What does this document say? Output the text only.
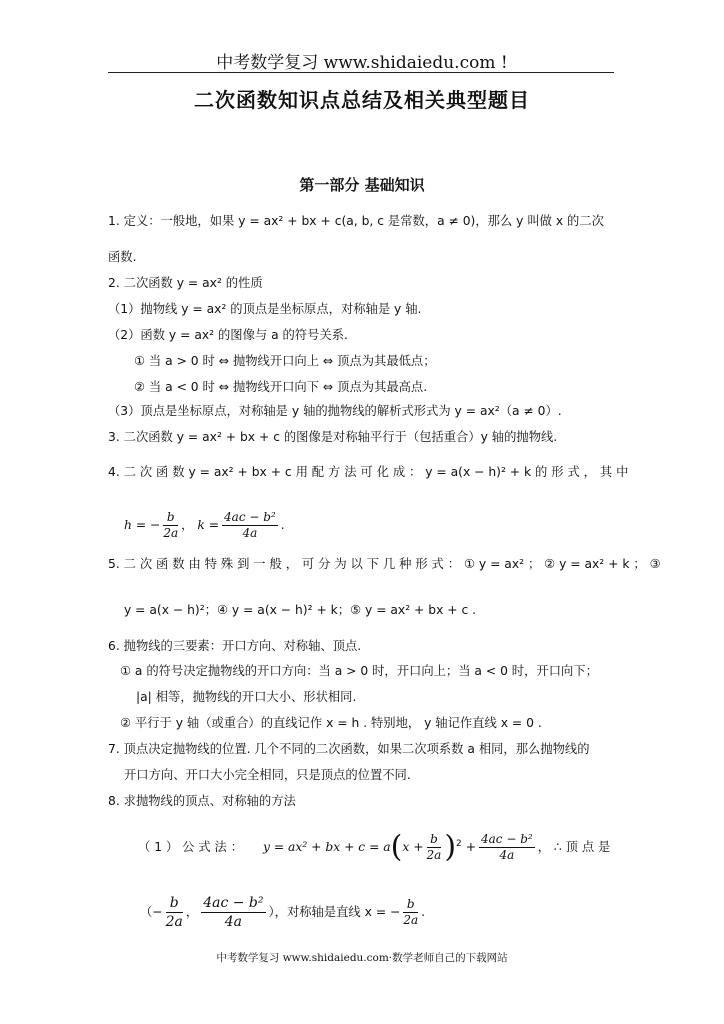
中考数学复习 www.shidaiedu.com !
二次函数知识点总结及相关典型题目
第一部分 基础知识
1. 定义：一般地，如果 y = ax² + bx + c(a, b, c 是常数，a ≠ 0)，那么 y 叫做 x 的二次
函数.
2. 二次函数 y = ax² 的性质
（1）抛物线 y = ax² 的顶点是坐标原点，对称轴是 y 轴.
（2）函数 y = ax² 的图像与 a 的符号关系.
① 当 a > 0 时 ⇔ 抛物线开口向上 ⇔ 顶点为其最低点；
② 当 a < 0 时 ⇔ 抛物线开口向下 ⇔ 顶点为其最高点.
（3）顶点是坐标原点，对称轴是 y 轴的抛物线的解析式形式为 y = ax²（a ≠ 0）.
3. 二次函数 y = ax² + bx + c 的图像是对称轴平行于（包括重合）y 轴的抛物线.
4. 二 次 函 数 y = ax² + bx + c 用 配 方 法 可 化 成 ： y = a(x − h)² + k 的 形 式 ， 其 中
h = − $\frac{b}{2a}$ ， $k = \frac{\text{4ac − b²}}{4a}$ .
5. 二 次 函 数 由 特 殊 到 一 般 ， 可 分 为 以 下 几 种 形 式 ： ① y = ax² ； ② y = ax² + k ； ③
y = a(x − h)²；④ y = a(x − h)² + k；⑤ y = ax² + bx + c .
6. 抛物线的三要素：开口方向、对称轴、顶点.
① a 的符号决定抛物线的开口方向：当 a > 0 时，开口向上；当 a < 0 时，开口向下；
|a| 相等，抛物线的开口大小、形状相同.
② 平行于 y 轴（或重合）的直线记作 x = h . 特别地， y 轴记作直线 x = 0 .
7. 顶点决定抛物线的位置. 几个不同的二次函数，如果二次项系数 a 相同，那么抛物线的
开口方向、开口大小完全相同，只是顶点的位置不同.
8. 求抛物线的顶点、对称轴的方法
（ 1 ） 公 式 法 ： y = ax² + bx + $c = a(x + \frac{b}{2a} )^2 + \frac{\text{4ac − b²}}{4a}$ ， ∴ 顶 点 是
（− $\frac{b}{2a}$ ， $\frac{\text{4ac − b²}}{4a}$ ），对称轴是直线 x = − $\frac{b}{2a}$ .
中考数学复习 www.shidaiedu.com·数学老师自己的下载网站
